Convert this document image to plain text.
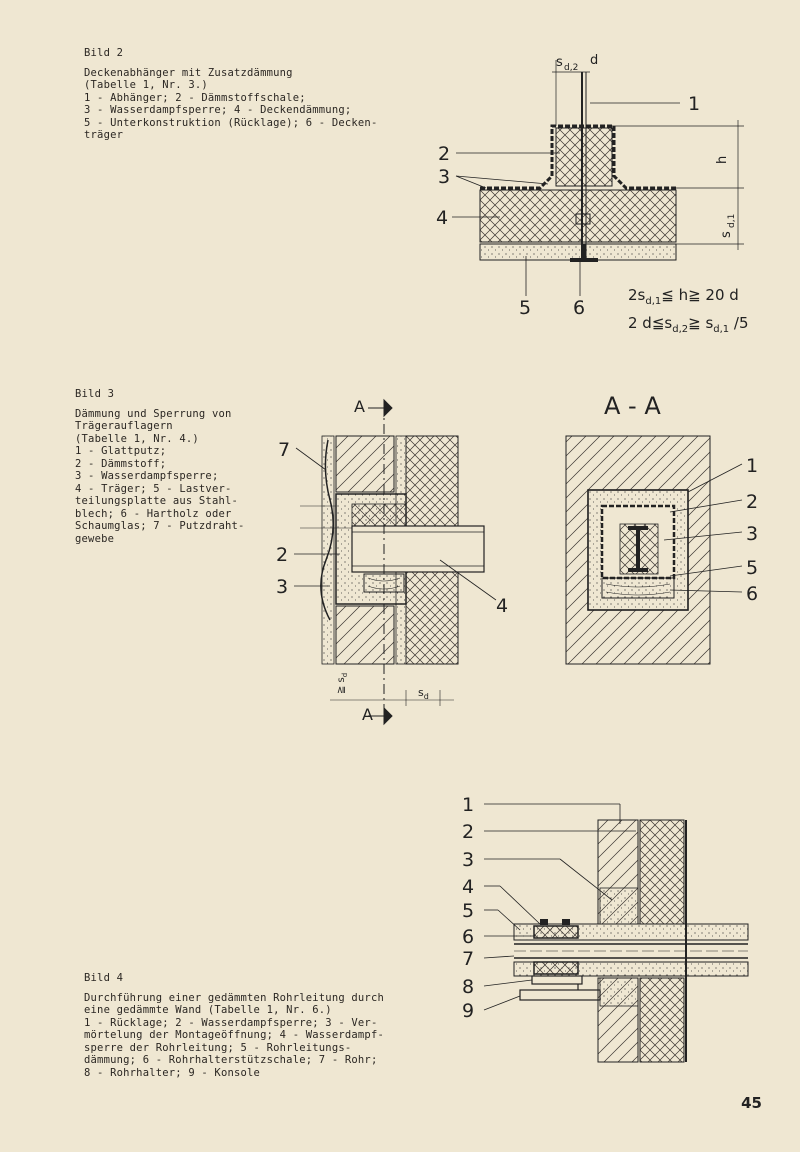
Bild 2
Deckenabhänger mit Zusatzdämmung
(Tabelle 1, Nr. 3.)
1 - Abhänger; 2 - Dämmstoffschale;
3 - Wasserdampfsperre; 4 - Deckendämmung;
5 - Unterkonstruktion (Rücklage); 6 - Decken-
träger
Bild 3
Dämmung und Sperrung von
Trägerauflagern
(Tabelle 1, Nr. 4.)
1 - Glattputz;
2 - Dämmstoff;
3 - Wasserdampfsperre;
4 - Träger; 5 - Lastver-
teilungsplatte aus Stahl-
blech; 6 - Hartholz oder
Schaumglas; 7 - Putzdraht-
gewebe
Bild 4
Durchführung einer gedämmten Rohrleitung durch
eine gedämmte Wand (Tabelle 1, Nr. 6.)
1 - Rücklage; 2 - Wasserdampfsperre; 3 - Ver-
mörtelung der Montageöffnung; 4 - Wasserdampf-
sperre der Rohrleitung; 5 - Rohrleitungs-
dämmung; 6 - Rohrhalterstützschale; 7 - Rohr;
8 - Rohrhalter; 9 - Konsole
1
2
3
4
5 6
s d,2 d
h
s
d,1
$2s_{d,1}≦$ h≧ 20 d
2 $d≦s_{d,2}≧$ $s_{d,1}$ /5
A
A
7
2
3
4
$s_d$
≧ $s_d$
A - A
1
2
3
5
6
1
2
3
4
5
6
7
8
9
45
